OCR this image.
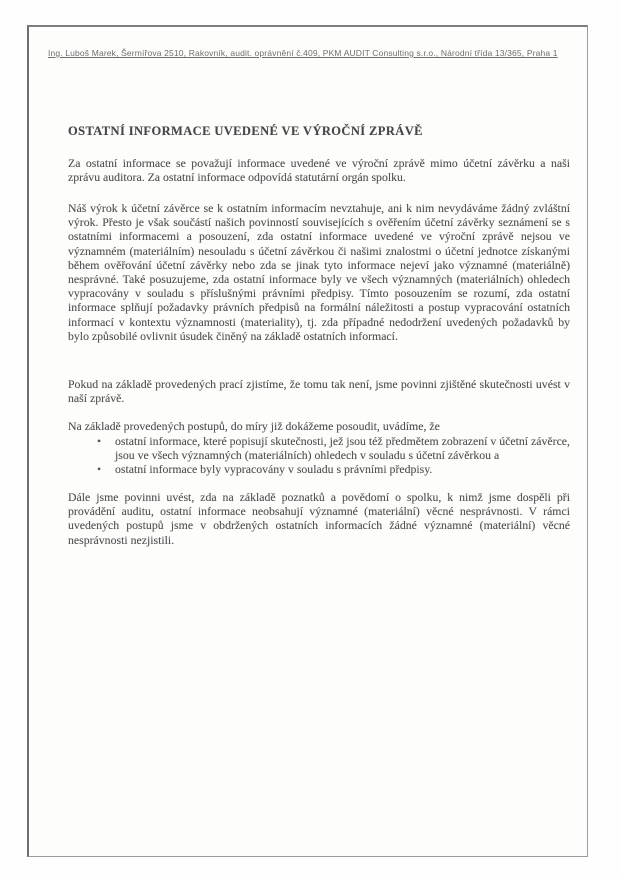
Ing. Luboš Marek, Šermířova 2510, Rakovník, audit. oprávnění č.409, PKM AUDIT Consulting s.r.o., Národní třída 13/365, Praha 1
OSTATNÍ INFORMACE UVEDENÉ VE VÝROČNÍ ZPRÁVĚ

Za ostatní informace se považují informace uvedené ve výroční zprávě mimo účetní závěrku a naši zprávu auditora. Za ostatní informace odpovídá statutární orgán spolku.

Náš výrok k účetní závěrce se k ostatním informacím nevztahuje, ani k nim nevydáváme žádný zvláštní výrok. Přesto je však součástí našich povinností souvisejících s ověřením účetní závěrky seznámení se s ostatními informacemi a posouzení, zda ostatní informace uvedené ve výroční zprávě nejsou ve významném (materiálním) nesouladu s účetní závěrkou či našimi znalostmi o účetní jednotce získanými během ověřování účetní závěrky nebo zda se jinak tyto informace nejeví jako významné (materiálně) nesprávné. Také posuzujeme, zda ostatní informace byly ve všech významných (materiálních) ohledech vypracovány v souladu s příslušnými právními předpisy. Tímto posouzením se rozumí, zda ostatní informace splňují požadavky právních předpisů na formální náležitosti a postup vypracování ostatních informací v kontextu významnosti (materiality), tj. zda případné nedodržení uvedených požadavků by bylo způsobilé ovlivnit úsudek činěný na základě ostatních informací.

Pokud na základě provedených prací zjistíme, že tomu tak není, jsme povinni zjištěné skutečnosti uvést v naší zprávě.

Na základě provedených postupů, do míry již dokážeme posoudit, uvádíme, že

•	ostatní informace, které popisují skutečnosti, jež jsou též předmětem zobrazení v účetní závěrce, jsou ve všech významných (materiálních) ohledech v souladu s účetní závěrkou a
•	ostatní informace byly vypracovány v souladu s právními předpisy.

Dále jsme povinni uvést, zda na základě poznatků a povědomí o spolku, k nimž jsme dospěli při provádění auditu, ostatní informace neobsahují významné (materiální) věcné nesprávnosti. V rámci uvedených postupů jsme v obdržených ostatních informacích žádné významné (materiální) věcné nesprávnosti nezjistili.
